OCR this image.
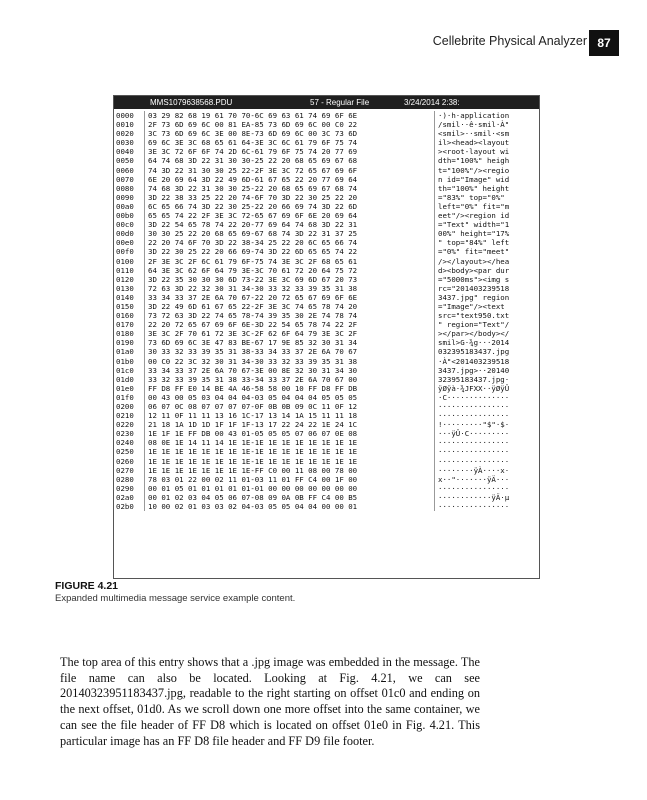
Cellebrite Physical Analyzer 87
MMS1079638568.PDU	57 - Regular File	3/24/2014 2:38:
0000	03 29 82 68 19 61 70 70-6C 69 63 61 74 69 6F 6E	·)·h·application
0010	2F 73 6D 69 6C 00 81 EA-85 73 6D 69 6C 00 C0 22	/smil··ê·smil·À"
0020	3C 73 6D 69 6C 3E 00 8E-73 6D 69 6C 00 3C 73 6D	<smil>··smil·<sm
0030	69 6C 3E 3C 68 65 61 64-3E 3C 6C 61 79 6F 75 74	il><head><layout
0040	3E 3C 72 6F 6F 74 2D 6C-61 79 6F 75 74 20 77 69	><root-layout wi
0050	64 74 68 3D 22 31 30 30-25 22 20 68 65 69 67 68	dth="100%" heigh
0060	74 3D 22 31 30 30 25 22-2F 3E 3C 72 65 67 69 6F	t="100%"/><regio
0070	6E 20 69 64 3D 22 49 6D-61 67 65 22 20 77 69 64	n id="Image" wid
0080	74 68 3D 22 31 30 30 25-22 20 68 65 69 67 68 74	th="100%" height
0090	3D 22 38 33 25 22 20 74-6F 70 3D 22 30 25 22 20	="83%" top="0%"
00a0	6C 65 66 74 3D 22 30 25-22 20 66 69 74 3D 22 6D	left="0%" fit="m
00b0	65 65 74 22 2F 3E 3C 72-65 67 69 6F 6E 20 69 64	eet"/><region id
00c0	3D 22 54 65 78 74 22 20-77 69 64 74 68 3D 22 31	="Text" width="1
00d0	30 30 25 22 20 68 65 69-67 68 74 3D 22 31 37 25	00%" height="17%
00e0	22 20 74 6F 70 3D 22 38-34 25 22 20 6C 65 66 74	" top="84%" left
00f0	3D 22 30 25 22 20 66 69-74 3D 22 6D 65 65 74 22	="0%" fit="meet"
0100	2F 3E 3C 2F 6C 61 79 6F-75 74 3E 3C 2F 68 65 61	/></layout></hea
0110	64 3E 3C 62 6F 64 79 3E-3C 70 61 72 20 64 75 72	d><body><par dur
0120	3D 22 35 30 30 30 6D 73-22 3E 3C 69 6D 67 20 73	="5000ms"><img s
0130	72 63 3D 22 32 30 31 34-30 33 32 33 39 35 31 38	rc="201403239518
0140	33 34 33 37 2E 6A 70 67-22 20 72 65 67 69 6F 6E	3437.jpg" region
0150	3D 22 49 6D 61 67 65 22-2F 3E 3C 74 65 78 74 20	="Image"/><text
0160	73 72 63 3D 22 74 65 78-74 39 35 30 2E 74 78 74	src="text950.txt
0170	22 20 72 65 67 69 6F 6E-3D 22 54 65 78 74 22 2F	" region="Text"/
0180	3E 3C 2F 70 61 72 3E 3C-2F 62 6F 64 79 3E 3C 2F	></par></body></
0190	73 6D 69 6C 3E 47 83 BE-67 17 9E 85 32 30 31 34	smil>G·¾g···2014
01a0	30 33 32 33 39 35 31 38-33 34 33 37 2E 6A 70 67	032395183437.jpg
01b0	00 C0 22 3C 32 30 31 34-30 33 32 33 39 35 31 38	·À"<201403239518
01c0	33 34 33 37 2E 6A 70 67-3E 00 8E 32 30 31 34 30	3437.jpg>··20140
01d0	33 32 33 39 35 31 38 33-34 33 37 2E 6A 70 67 00	32395183437.jpg·
01e0	FF D8 FF E0 14 BE 4A 46-58 58 00 10 FF D8 FF DB	ÿØÿà·¾JFXX··ÿØÿÛ
01f0	00 43 00 05 03 04 04 04-03 05 04 04 04 05 05 05	·C··············
0200	06 07 0C 08 07 07 07 07-0F 0B 0B 09 0C 11 0F 12	················
0210	12 11 0F 11 11 13 16 1C-17 13 14 1A 15 11 11 18	················
0220	21 18 1A 1D 1D 1F 1F 1F-13 17 22 24 22 1E 24 1C	!·········"$"·$·
0230	1E 1F 1E FF DB 00 43 01-05 05 05 07 06 07 0E 08	···ÿÛ·C·········
0240	08 0E 1E 14 11 14 1E 1E-1E 1E 1E 1E 1E 1E 1E 1E	················
0250	1E 1E 1E 1E 1E 1E 1E 1E-1E 1E 1E 1E 1E 1E 1E 1E	················
0260	1E 1E 1E 1E 1E 1E 1E 1E-1E 1E 1E 1E 1E 1E 1E 1E	················
0270	1E 1E 1E 1E 1E 1E 1E 1E-FF C0 00 11 08 00 78 00	········ÿÀ····x·
0280	78 03 01 22 00 02 11 01-03 11 01 FF C4 00 1F 00	x··"·······ÿÄ···
0290	00 01 05 01 01 01 01 01-01 00 00 00 00 00 00 00	················
02a0	00 01 02 03 04 05 06 07-08 09 0A 0B FF C4 00 B5	············ÿÄ·µ
02b0	10 00 02 01 03 03 02 04-03 05 05 04 04 00 00 01	················
FIGURE 4.21
Expanded multimedia message service example content.
The top area of this entry shows that a .jpg image was embedded in the message. The file name can also be located. Looking at Fig. 4.21, we can see 20140323951183437.jpg, readable to the right starting on offset 01c0 and ending on the next offset, 01d0. As we scroll down one more offset into the same container, we can see the file header of FF D8 which is located on offset 01e0 in Fig. 4.21. This particular image has an FF D8 file header and FF D9 file footer.
